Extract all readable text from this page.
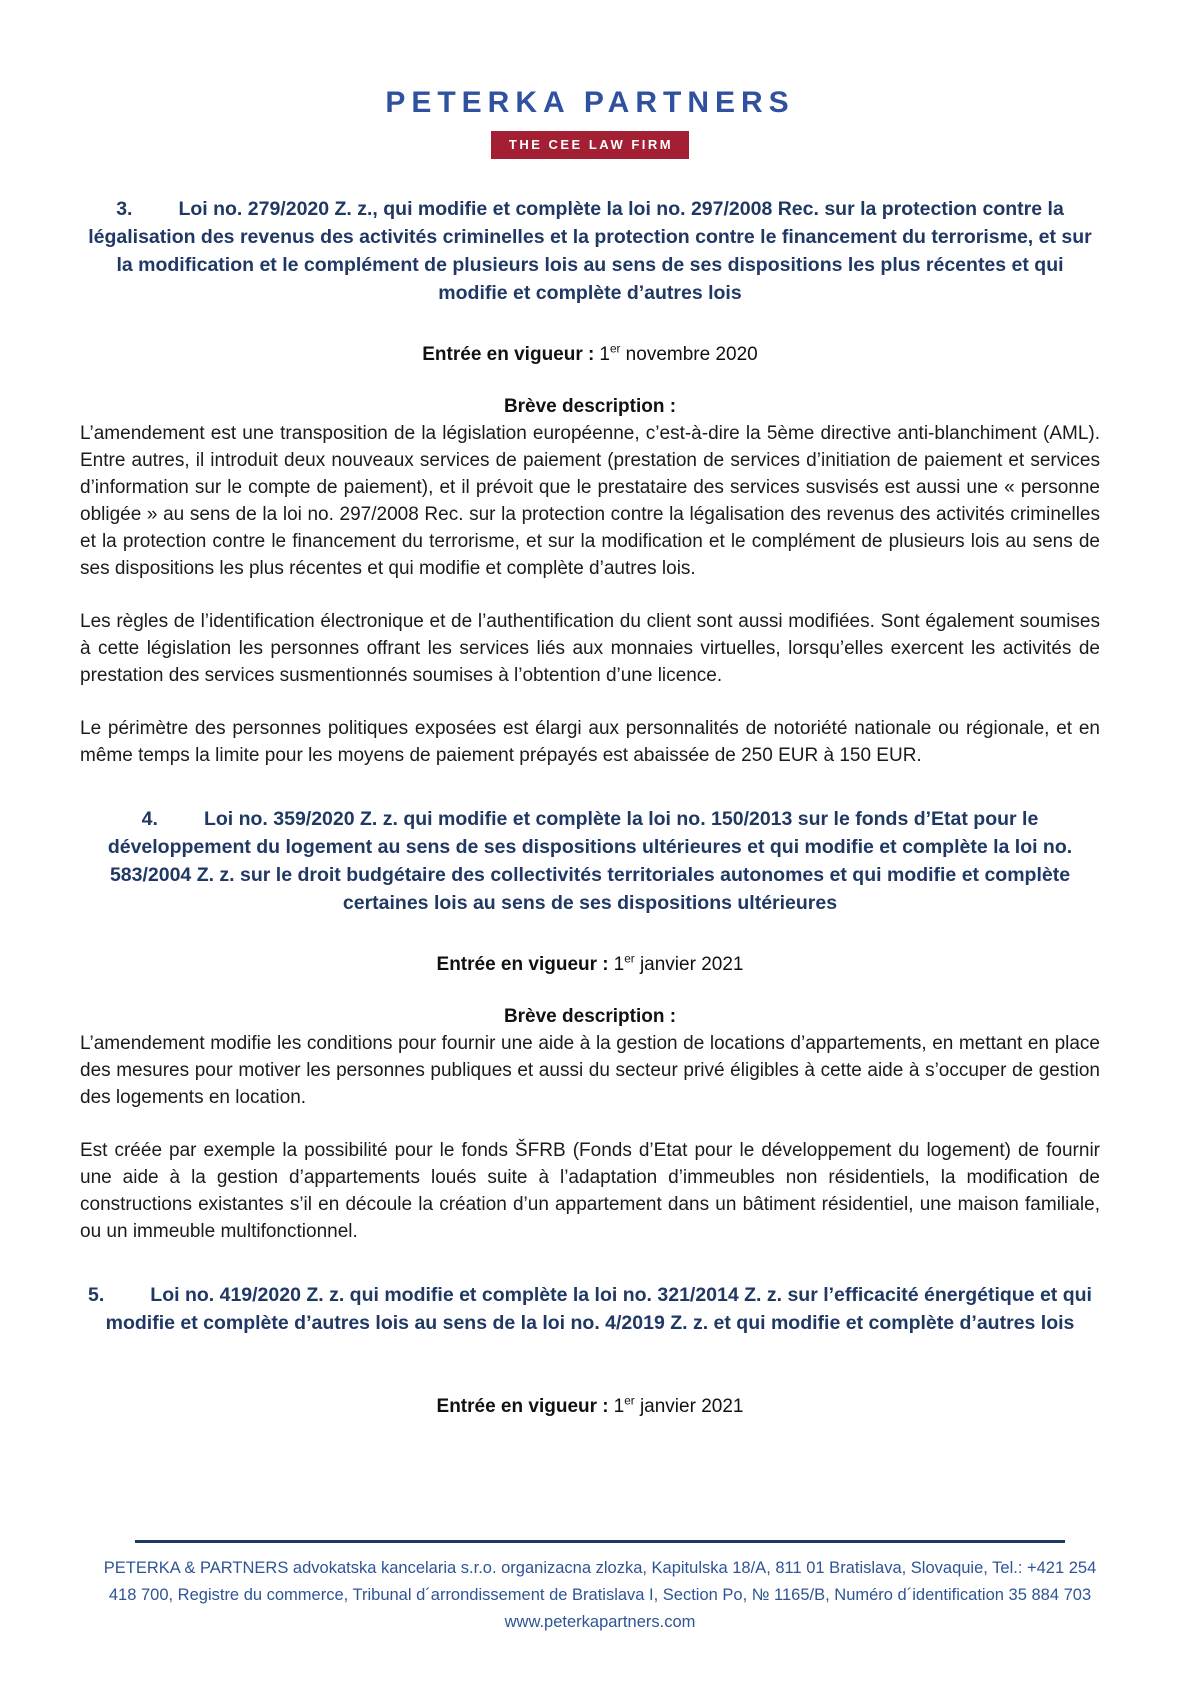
PETERKA PARTNERS
THE CEE LAW FIRM
3. Loi no. 279/2020 Z. z., qui modifie et complète la loi no. 297/2008 Rec. sur la protection contre la légalisation des revenus des activités criminelles et la protection contre le financement du terrorisme, et sur la modification et le complément de plusieurs lois au sens de ses dispositions les plus récentes et qui modifie et complète d’autres lois

Entrée en vigueur : 1er novembre 2020

Brève description :

L’amendement est une transposition de la législation européenne, c’est-à-dire la 5ème directive anti-blanchiment (AML). Entre autres, il introduit deux nouveaux services de paiement (prestation de services d’initiation de paiement et services d’information sur le compte de paiement), et il prévoit que le prestataire des services susvisés est aussi une « personne obligée » au sens de la loi no. 297/2008 Rec. sur la protection contre la légalisation des revenus des activités criminelles et la protection contre le financement du terrorisme, et sur la modification et le complément de plusieurs lois au sens de ses dispositions les plus récentes et qui modifie et complète d’autres lois.

Les règles de l’identification électronique et de l’authentification du client sont aussi modifiées. Sont également soumises à cette législation les personnes offrant les services liés aux monnaies virtuelles, lorsqu’elles exercent les activités de prestation des services susmentionnés soumises à l’obtention d’une licence.

Le périmètre des personnes politiques exposées est élargi aux personnalités de notoriété nationale ou régionale, et en même temps la limite pour les moyens de paiement prépayés est abaissée de 250 EUR à 150 EUR.

4. Loi no. 359/2020 Z. z. qui modifie et complète la loi no. 150/2013 sur le fonds d’Etat pour le développement du logement au sens de ses dispositions ultérieures et qui modifie et complète la loi no. 583/2004 Z. z. sur le droit budgétaire des collectivités territoriales autonomes et qui modifie et complète certaines lois au sens de ses dispositions ultérieures

Entrée en vigueur : 1er janvier 2021

Brève description :

L’amendement modifie les conditions pour fournir une aide à la gestion de locations d’appartements, en mettant en place des mesures pour motiver les personnes publiques et aussi du secteur privé éligibles à cette aide à s’occuper de gestion des logements en location.

Est créée par exemple la possibilité pour le fonds ŠFRB (Fonds d’Etat pour le développement du logement) de fournir une aide à la gestion d’appartements loués suite à l’adaptation d’immeubles non résidentiels, la modification de constructions existantes s’il en découle la création d’un appartement dans un bâtiment résidentiel, une maison familiale, ou un immeuble multifonctionnel.

5. Loi no. 419/2020 Z. z. qui modifie et complète la loi no. 321/2014 Z. z. sur l’efficacité énergétique et qui modifie et complète d’autres lois au sens de la loi no. 4/2019 Z. z. et qui modifie et complète d’autres lois

Entrée en vigueur : 1er janvier 2021

PETERKA & PARTNERS advokatska kancelaria s.r.o. organizacna zlozka, Kapitulska 18/A, 811 01 Bratislava, Slovaquie, Tel.: +421 254

418 700, Registre du commerce, Tribunal d´arrondissement de Bratislava I, Section Po, № 1165/B, Numéro d´identification 35 884 703

www.peterkapartners.com
